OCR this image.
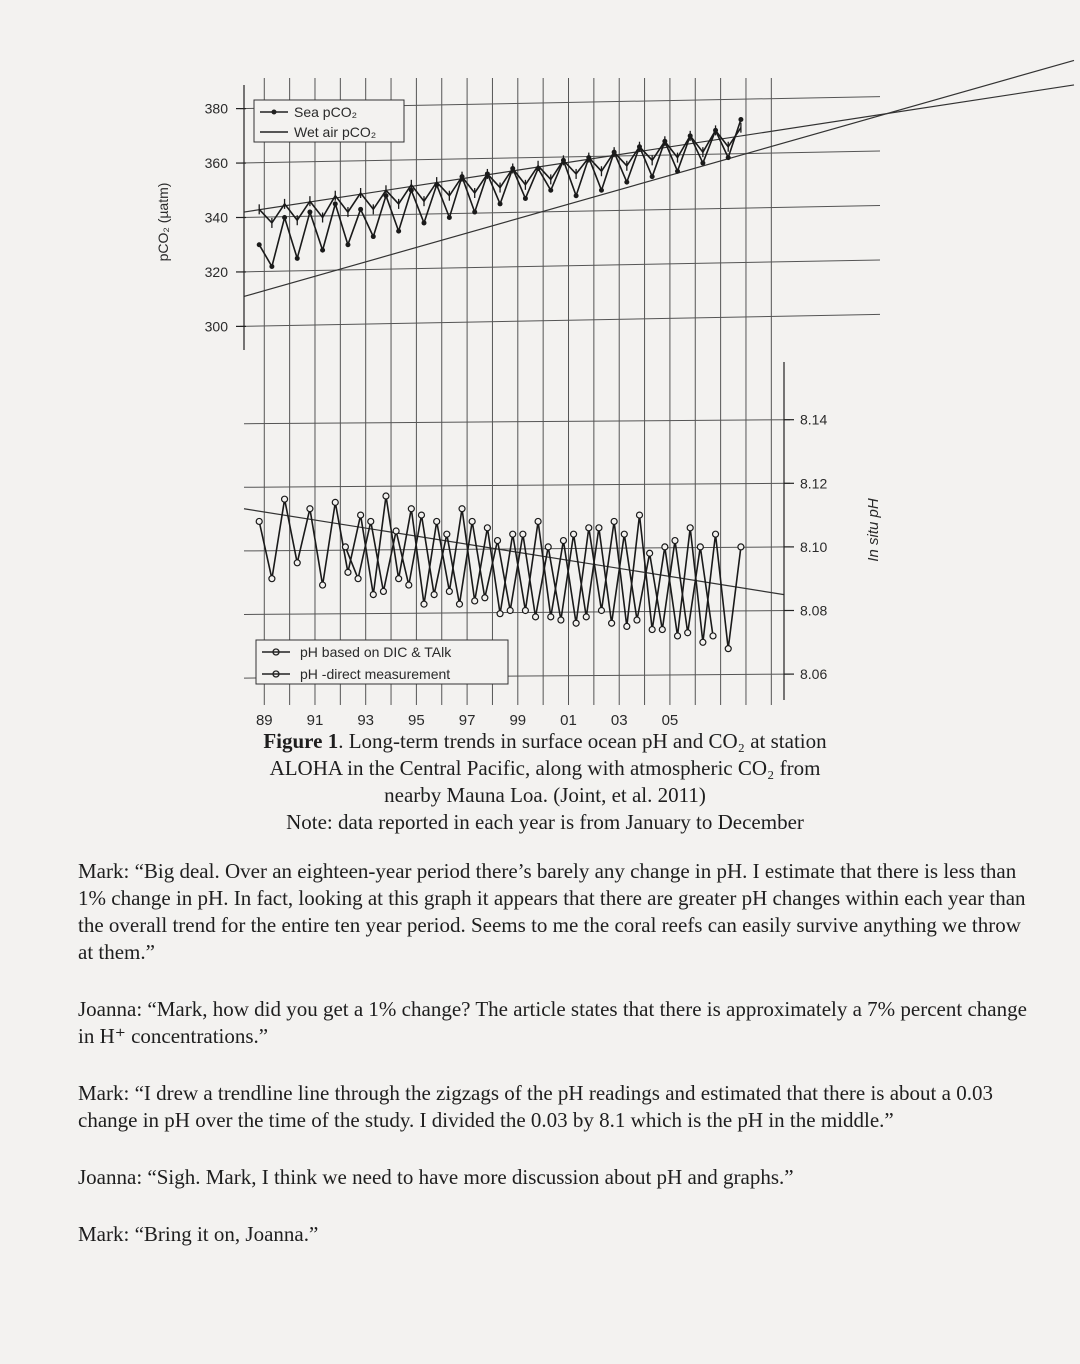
300
320
340
360
380
8.06
8.08
8.10
8.12
8.14
89 91 93 95 97 99 01 03 05
Sea pCO₂
Wet air pCO₂
pH based on DIC & TAlk
pH -direct measurement
pCO₂ (µatm)
In situ pH
Figure 1. Long-term trends in surface ocean pH and CO₂ at station
ALOHA in the Central Pacific, along with atmospheric CO₂ from
nearby Mauna Loa. (Joint, et al. 2011)
Note: data reported in each year is from January to December

Mark: “Big deal. Over an eighteen-year period there’s barely any change in pH. I estimate that there is less than 1% change in pH. In fact, looking at this graph it appears that there are greater pH changes within each year than the overall trend for the entire ten year period. Seems to me the coral reefs can easily survive anything we throw at them.”

Joanna: “Mark, how did you get a 1% change? The article states that there is approximately a 7% percent change in H⁺ concentrations.”

Mark: “I drew a trendline line through the zigzags of the pH readings and estimated that there is about a 0.03 change in pH over the time of the study. I divided the 0.03 by 8.1 which is the pH in the middle.”

Joanna: “Sigh. Mark, I think we need to have more discussion about pH and graphs.”

Mark: “Bring it on, Joanna.”
